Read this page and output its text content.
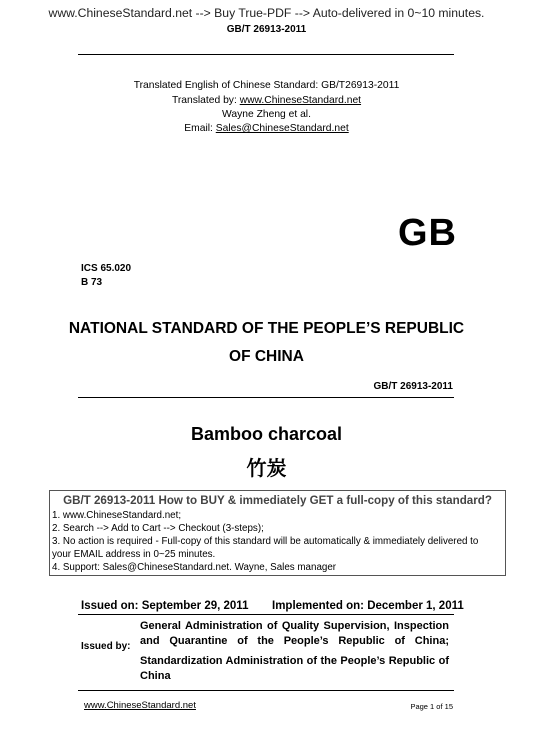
www.ChineseStandard.net --> Buy True-PDF --> Auto-delivered in 0~10 minutes.
GB/T 26913-2011
Translated English of Chinese Standard: GB/T26913-2011
Translated by: www.ChineseStandard.net
Wayne Zheng et al.
Email: Sales@ChineseStandard.net
GB
ICS 65.020
B 73
NATIONAL STANDARD OF THE PEOPLE’S REPUBLIC
OF CHINA
GB/T 26913-2011
Bamboo charcoal
竹炭
GB/T 26913-2011 How to BUY & immediately GET a full-copy of this standard?
1. www.ChineseStandard.net;
2. Search --> Add to Cart --> Checkout (3-steps);
3. No action is required - Full-copy of this standard will be automatically & immediately delivered to
your EMAIL address in 0~25 minutes.
4. Support: Sales@ChineseStandard.net. Wayne, Sales manager
Issued on: September 29, 2011 Implemented on: December 1, 2011
Issued by:
General Administration of Quality Supervision, Inspection
and Quarantine of the People’s Republic of China;
Standardization Administration of the People’s Republic of
China
www.ChineseStandard.net	Page 1 of 15
